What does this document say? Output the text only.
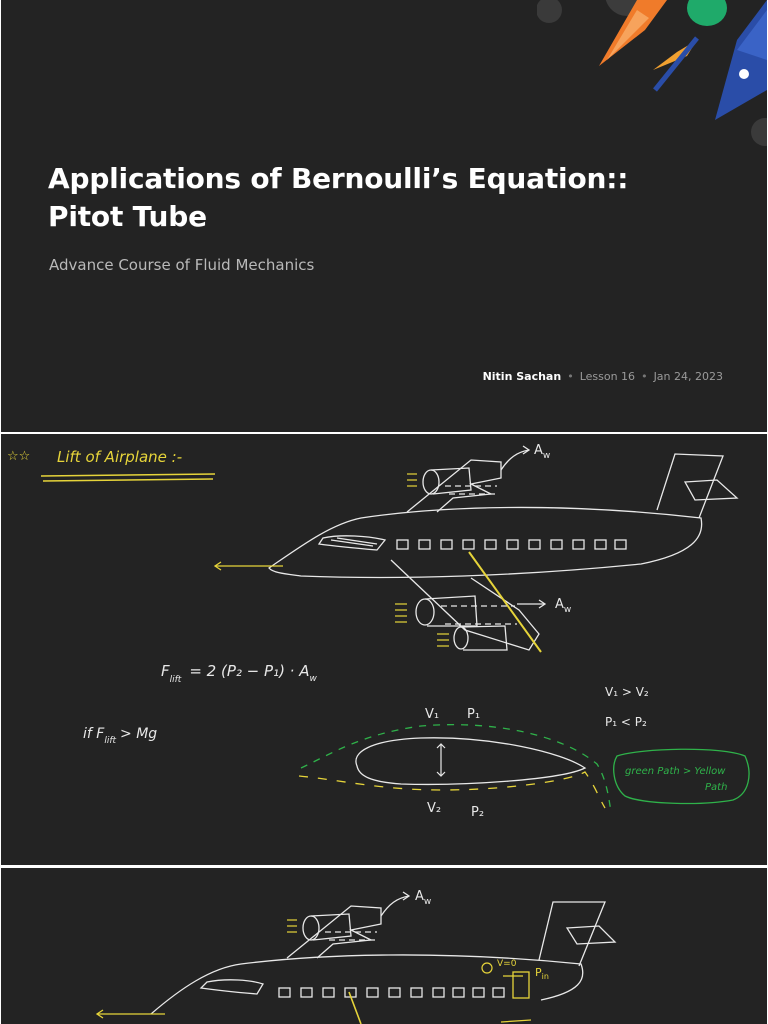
Applications of Bernoulli’s Equation::
Pitot Tube
Advance Course of Fluid Mechanics
Nitin Sachan • Lesson 16 • Jan 24, 2023
☆☆ Lift of Airplane :-	$A_w$
$A_w$
$F_{lift} = 2$ $(P_2 - P_1) \cdot A_w$
if $F_{lift} > Mg$
V₁ P₁
V₂ P₂
V₁ > V₂
P₁ < P₂
green Path > Yellow
Path
$A_w$
V=0
$P_{in}$
